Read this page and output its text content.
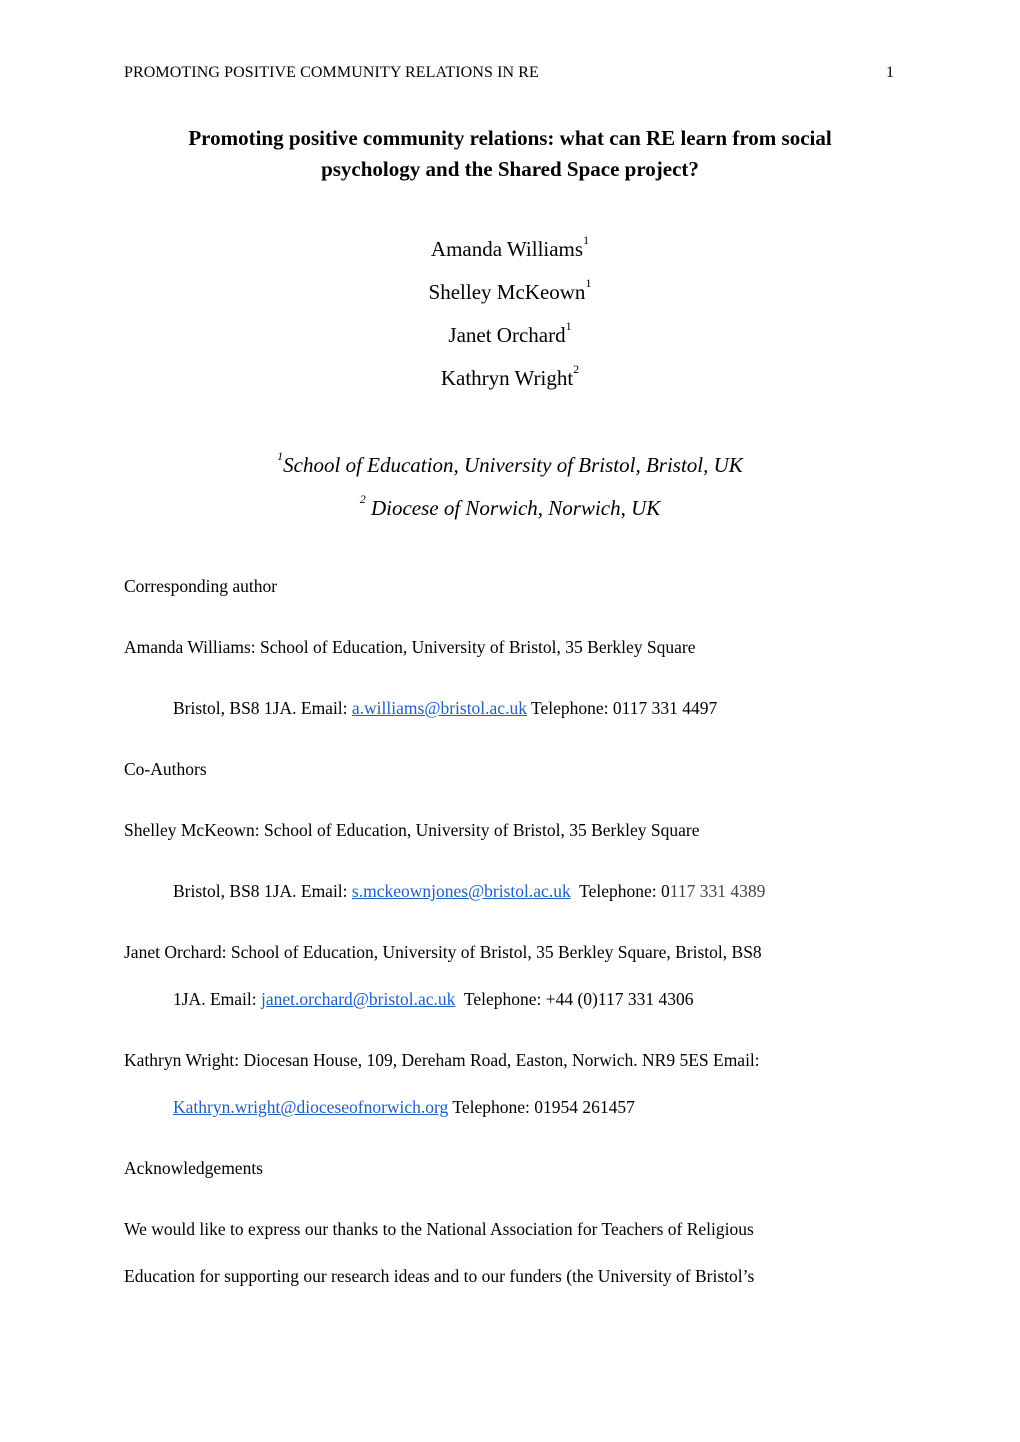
PROMOTING POSITIVE COMMUNITY RELATIONS IN RE	1
Promoting positive community relations: what can RE learn from social
psychology and the Shared Space project?
Amanda Williams$^1$
Shelley McKeown$^1$
Janet Orchard$^1$
Kathryn Wright$^2$
$^1$School of Education, University of Bristol, Bristol, UK
$^2$ Diocese of Norwich, Norwich, UK
Corresponding author
Amanda Williams: School of Education, University of Bristol, 35 Berkley Square
Bristol, BS8 1JA. Email: a.williams@bristol.ac.uk Telephone: 0117 331 4497
Co-Authors
Shelley McKeown: School of Education, University of Bristol, 35 Berkley Square
Bristol, BS8 1JA. Email: s.mckeownjones@bristol.ac.uk  Telephone: 0117 331 4389
Janet Orchard: School of Education, University of Bristol, 35 Berkley Square, Bristol, BS8
1JA. Email: janet.orchard@bristol.ac.uk  Telephone: +44 (0)117 331 4306
Kathryn Wright: Diocesan House, 109, Dereham Road, Easton, Norwich. NR9 5ES Email:
Kathryn.wright@dioceseofnorwich.org Telephone: 01954 261457
Acknowledgements
We would like to express our thanks to the National Association for Teachers of Religious
Education for supporting our research ideas and to our funders (the University of Bristol’s
